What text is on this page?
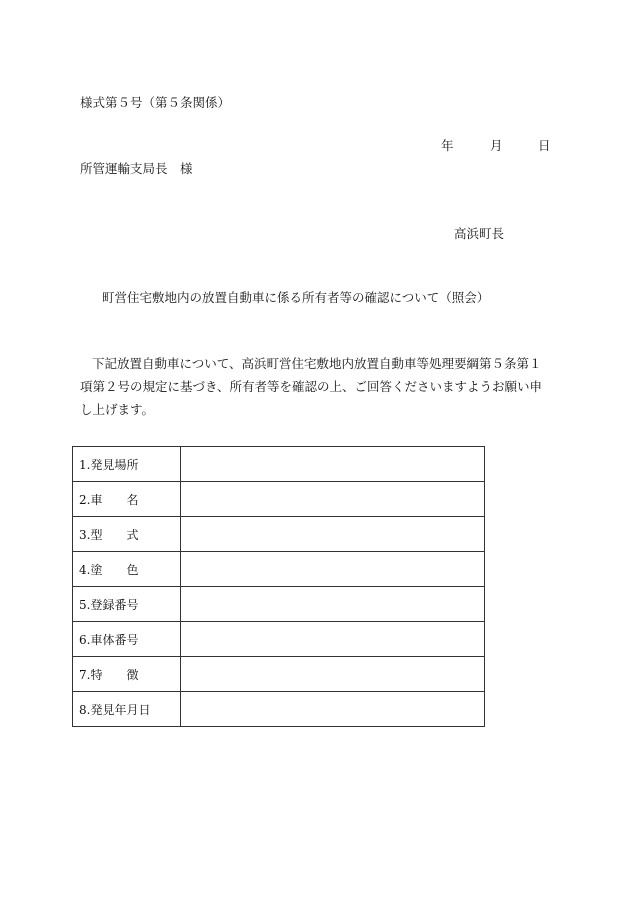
様式第５号（第５条関係）
年	月	日
所管運輸支局長　様
高浜町長
町営住宅敷地内の放置自動車に係る所有者等の確認について（照会）
下記放置自動車について、高浜町営住宅敷地内放置自動車等処理要綱第５条第１項第２号の規定に基づき、所有者等を確認の上、ご回答くださいますようお願い申し上げます。
1.発見場所	
2.車　　名	
3.型　　式	
4.塗　　色	
5.登録番号	
6.車体番号	
7.特　　徴	
8.発見年月日	
